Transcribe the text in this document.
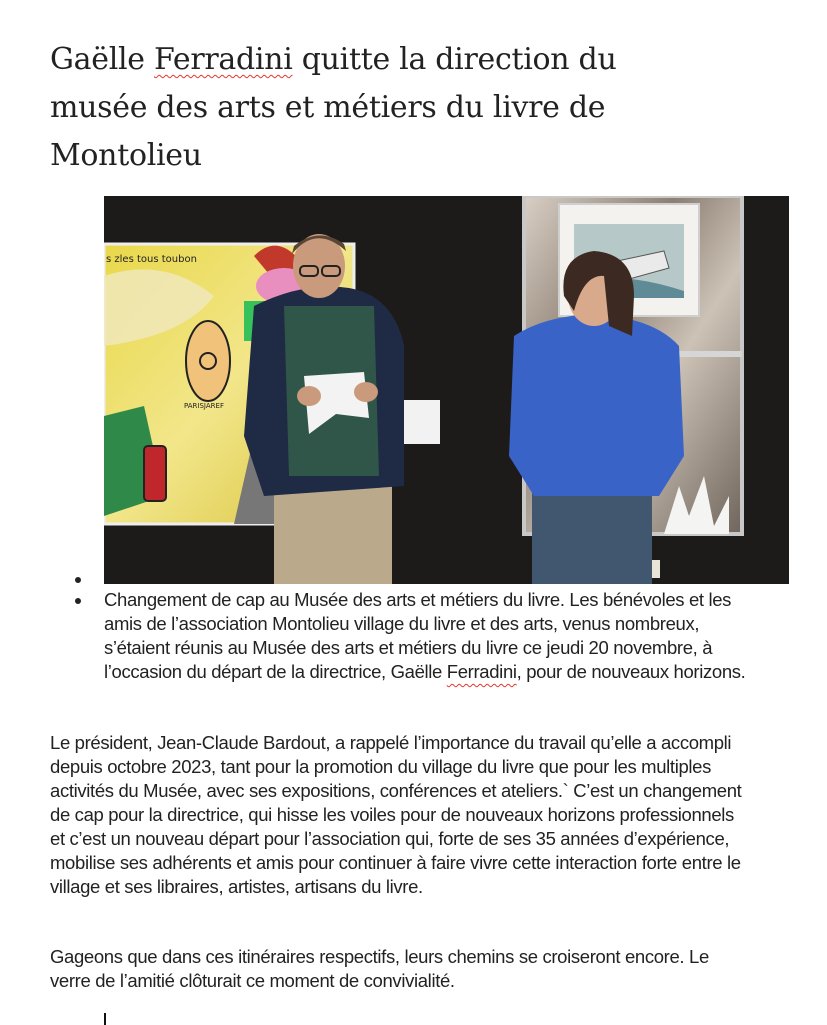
Gaëlle Ferradini quitte la direction du musée des arts et métiers du livre de Montolieu
s zles tous toubon
PARISJAREF
Changement de cap au Musée des arts et métiers du livre. Les bénévoles et les amis de l’association Montolieu village du livre et des arts, venus nombreux, s’étaient réunis au Musée des arts et métiers du livre ce jeudi 20 novembre, à l’occasion du départ de la directrice, Gaëlle Ferradini, pour de nouveaux horizons.

Le président, Jean-Claude Bardout, a rappelé l’importance du travail qu’elle a accompli depuis octobre 2023, tant pour la promotion du village du livre que pour les multiples activités du Musée, avec ses expositions, conférences et ateliers.` C’est un changement de cap pour la directrice, qui hisse les voiles pour de nouveaux horizons professionnels et c’est un nouveau départ pour l’association qui, forte de ses 35 années d’expérience, mobilise ses adhérents et amis pour continuer à faire vivre cette interaction forte entre le village et ses libraires, artistes, artisans du livre.

Gageons que dans ces itinéraires respectifs, leurs chemins se croiseront encore. Le verre de l’amitié clôturait ce moment de convivialité.
